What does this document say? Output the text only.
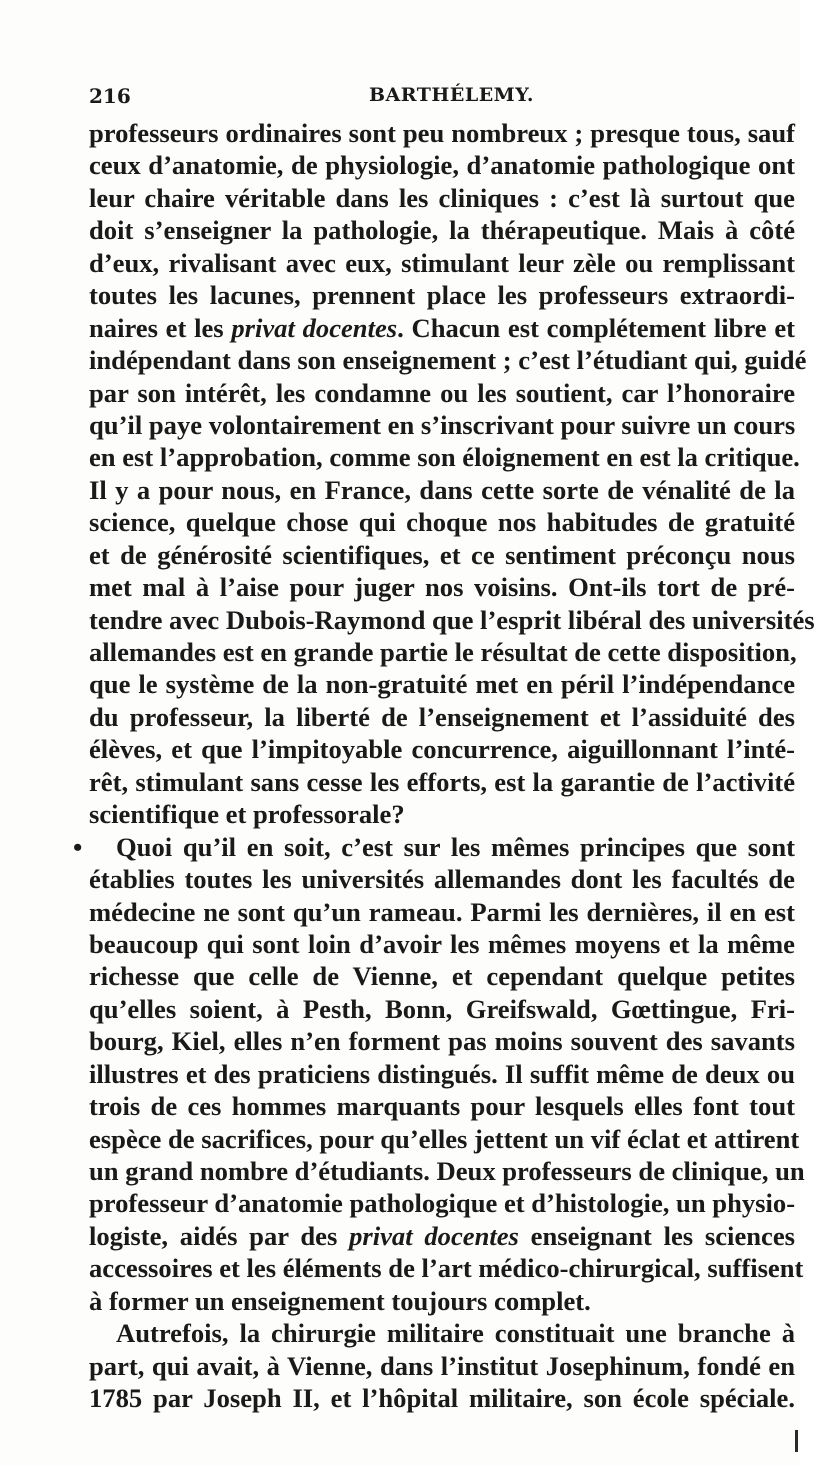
216	BARTHÉLEMY.
professeurs ordinaires sont peu nombreux ; presque tous, sauf
ceux d’anatomie, de physiologie, d’anatomie pathologique ont
leur chaire véritable dans les cliniques : c’est là surtout que
doit s’enseigner la pathologie, la thérapeutique. Mais à côté
d’eux, rivalisant avec eux, stimulant leur zèle ou remplissant
toutes les lacunes, prennent place les professeurs extraordi-
naires et les privat docentes. Chacun est complétement libre et
indépendant dans son enseignement ; c’est l’étudiant qui, guidé
par son intérêt, les condamne ou les soutient, car l’honoraire
qu’il paye volontairement en s’inscrivant pour suivre un cours
en est l’approbation, comme son éloignement en est la critique.
Il y a pour nous, en France, dans cette sorte de vénalité de la
science, quelque chose qui choque nos habitudes de gratuité
et de générosité scientifiques, et ce sentiment préconçu nous
met mal à l’aise pour juger nos voisins. Ont-ils tort de pré-
tendre avec Dubois-Raymond que l’esprit libéral des universités
allemandes est en grande partie le résultat de cette disposition,
que le système de la non-gratuité met en péril l’indépendance
du professeur, la liberté de l’enseignement et l’assiduité des
élèves, et que l’impitoyable concurrence, aiguillonnant l’inté-
rêt, stimulant sans cesse les efforts, est la garantie de l’activité
scientifique et professorale?
• Quoi qu’il en soit, c’est sur les mêmes principes que sont
établies toutes les universités allemandes dont les facultés de
médecine ne sont qu’un rameau. Parmi les dernières, il en est
beaucoup qui sont loin d’avoir les mêmes moyens et la même
richesse que celle de Vienne, et cependant quelque petites
qu’elles soient, à Pesth, Bonn, Greifswald, Gœttingue, Fri-
bourg, Kiel, elles n’en forment pas moins souvent des savants
illustres et des praticiens distingués. Il suffit même de deux ou
trois de ces hommes marquants pour lesquels elles font tout
espèce de sacrifices, pour qu’elles jettent un vif éclat et attirent
un grand nombre d’étudiants. Deux professeurs de clinique, un
professeur d’anatomie pathologique et d’histologie, un physio-
logiste, aidés par des privat docentes enseignant les sciences
accessoires et les éléments de l’art médico-chirurgical, suffisent
à former un enseignement toujours complet.
Autrefois, la chirurgie militaire constituait une branche à
part, qui avait, à Vienne, dans l’institut Josephinum, fondé en
1785 par Joseph II, et l’hôpital militaire, son école spéciale.
